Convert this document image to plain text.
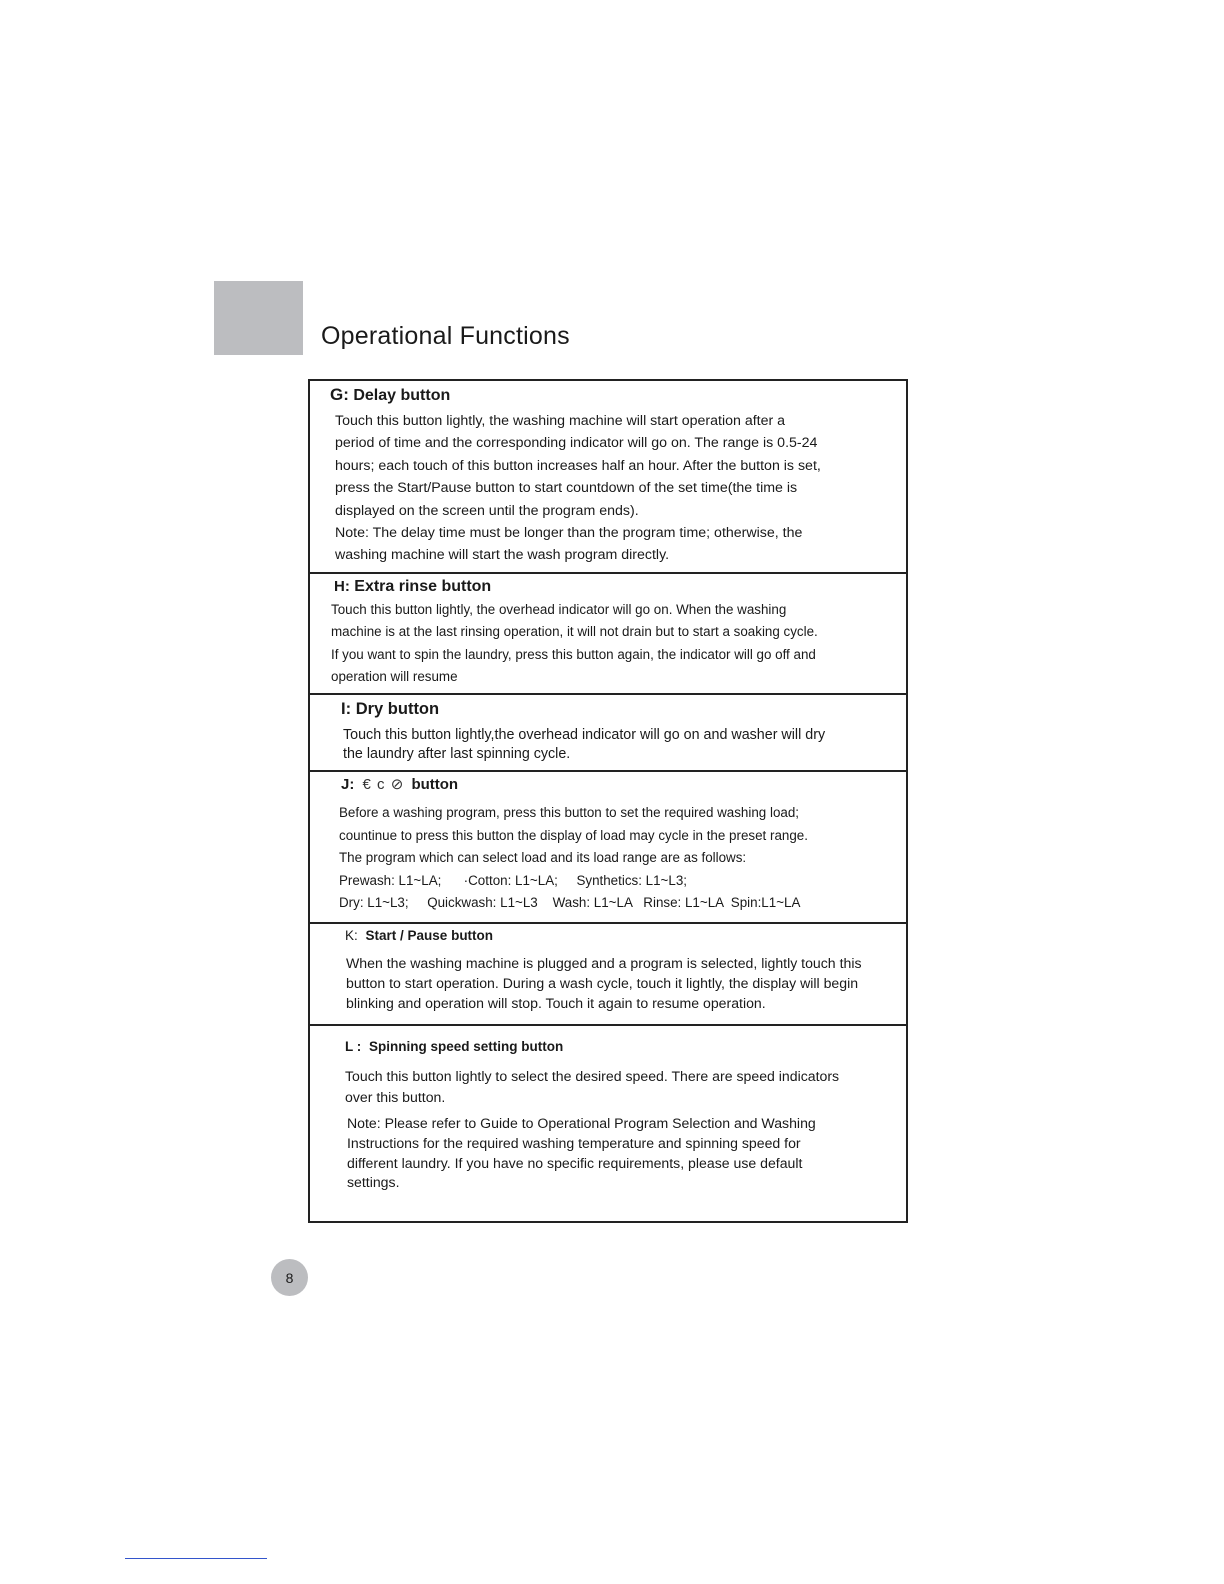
Operational Functions
G: Delay button
Touch this button lightly, the washing machine will start operation after a
period of time and the corresponding indicator will go on. The range is 0.5-24
hours; each touch of this button increases half an hour. After the button is set,
press the Start/Pause button to start countdown of the set time(the time is
displayed on the screen until the program ends).
Note: The delay time must be longer than the program time; otherwise, the
washing machine will start the wash program directly.
H: Extra rinse button
Touch this button lightly, the overhead indicator will go on. When the washing
machine is at the last rinsing operation, it will not drain but to start a soaking cycle.
If you want to spin the laundry, press this button again, the indicator will go off and
operation will resume
I: Dry button
Touch this button lightly,the overhead indicator will go on and washer will dry
the laundry after last spinning cycle.
J: € c ⊘ button
Before a washing program, press this button to set the required washing load;
countinue to press this button the display of load may cycle in the preset range.
The program which can select load and its load range are as follows:
Prewash: L1~LA;      ·Cotton: L1~LA;     Synthetics: L1~L3;
Dry: L1~L3;     Quickwash: L1~L3    Wash: L1~LA   Rinse: L1~LA  Spin:L1~LA
K: Start / Pause button
When the washing machine is plugged and a program is selected, lightly touch this
button to start operation. During a wash cycle, touch it lightly, the display will begin
blinking and operation will stop. Touch it again to resume operation.
L : Spinning speed setting button
Touch this button lightly to select the desired speed. There are speed indicators
over this button.
Note: Please refer to Guide to Operational Program Selection and Washing
Instructions for the required washing temperature and spinning speed for
different laundry. If you have no specific requirements, please use default
settings.
8
